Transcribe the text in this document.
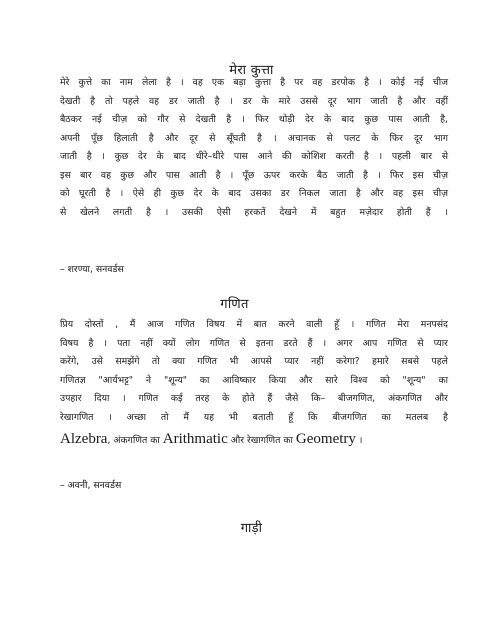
मेरा कुत्ता
मेरे कुत्ते का नाम लेला है । वह एक बड़ा कुत्ता है पर वह डरपोक है । कोई नई चीज
देखती है तो पहले वह डर जाती है । डर के मारे उससे दूर भाग जाती है और वहीं
बैठकर नई चीज़ को गौर से देखती है । फिर थोड़ी देर के बाद कुछ पास आती है,
अपनी पूँछ हिलाती है और दूर से सूँघती है । अचानक से पलट के फिर दूर भाग
जाती है । कुछ देर के बाद धीरे–धीरे पास आने की कोशिश करती है । पहली बार से
इस बार वह कुछ और पास आती है । पूँछ ऊपर करके बैठ जाती है । फिर इस चीज़
को घूरती है । ऐसे ही कुछ देर के बाद उसका डर निकल जाता है और वह इस चीज़
से खेलने लगती है । उसकी ऐसी हरकतें देखने में बहुत मज़ेदार होती हैं ।
– शरण्या, सनवर्डस
गणित
प्रिय दोस्तों , मैं आज गणित विषय में बात करने वाली हूँ । गणित मेरा मनपसंद
विषय है । पता नहीं क्यों लोग गणित से इतना डरते हैं । अगर आप गणित से प्यार
करेंगे, उसे समझेंगे तो क्या गणित भी आपसे प्यार नहीं करेगा? हमारे सबसे पहले
गणितज्ञ "आर्यभट्ट" ने "शून्य" का आविष्कार किया और सारे विश्व को "शून्य" का
उपहार दिया । गणित कई तरह के होते हैं जैसे कि– बीजगणित, अंकगणित और
रेखागणित । अच्छा तो मैं यह भी बताती हूँ कि बीजगणित का मतलब है
Alzebra, अंकगणित का Arithmatic और रेखागणित का Geometry ।
– अवनी, सनवर्डस
गाड़ी
